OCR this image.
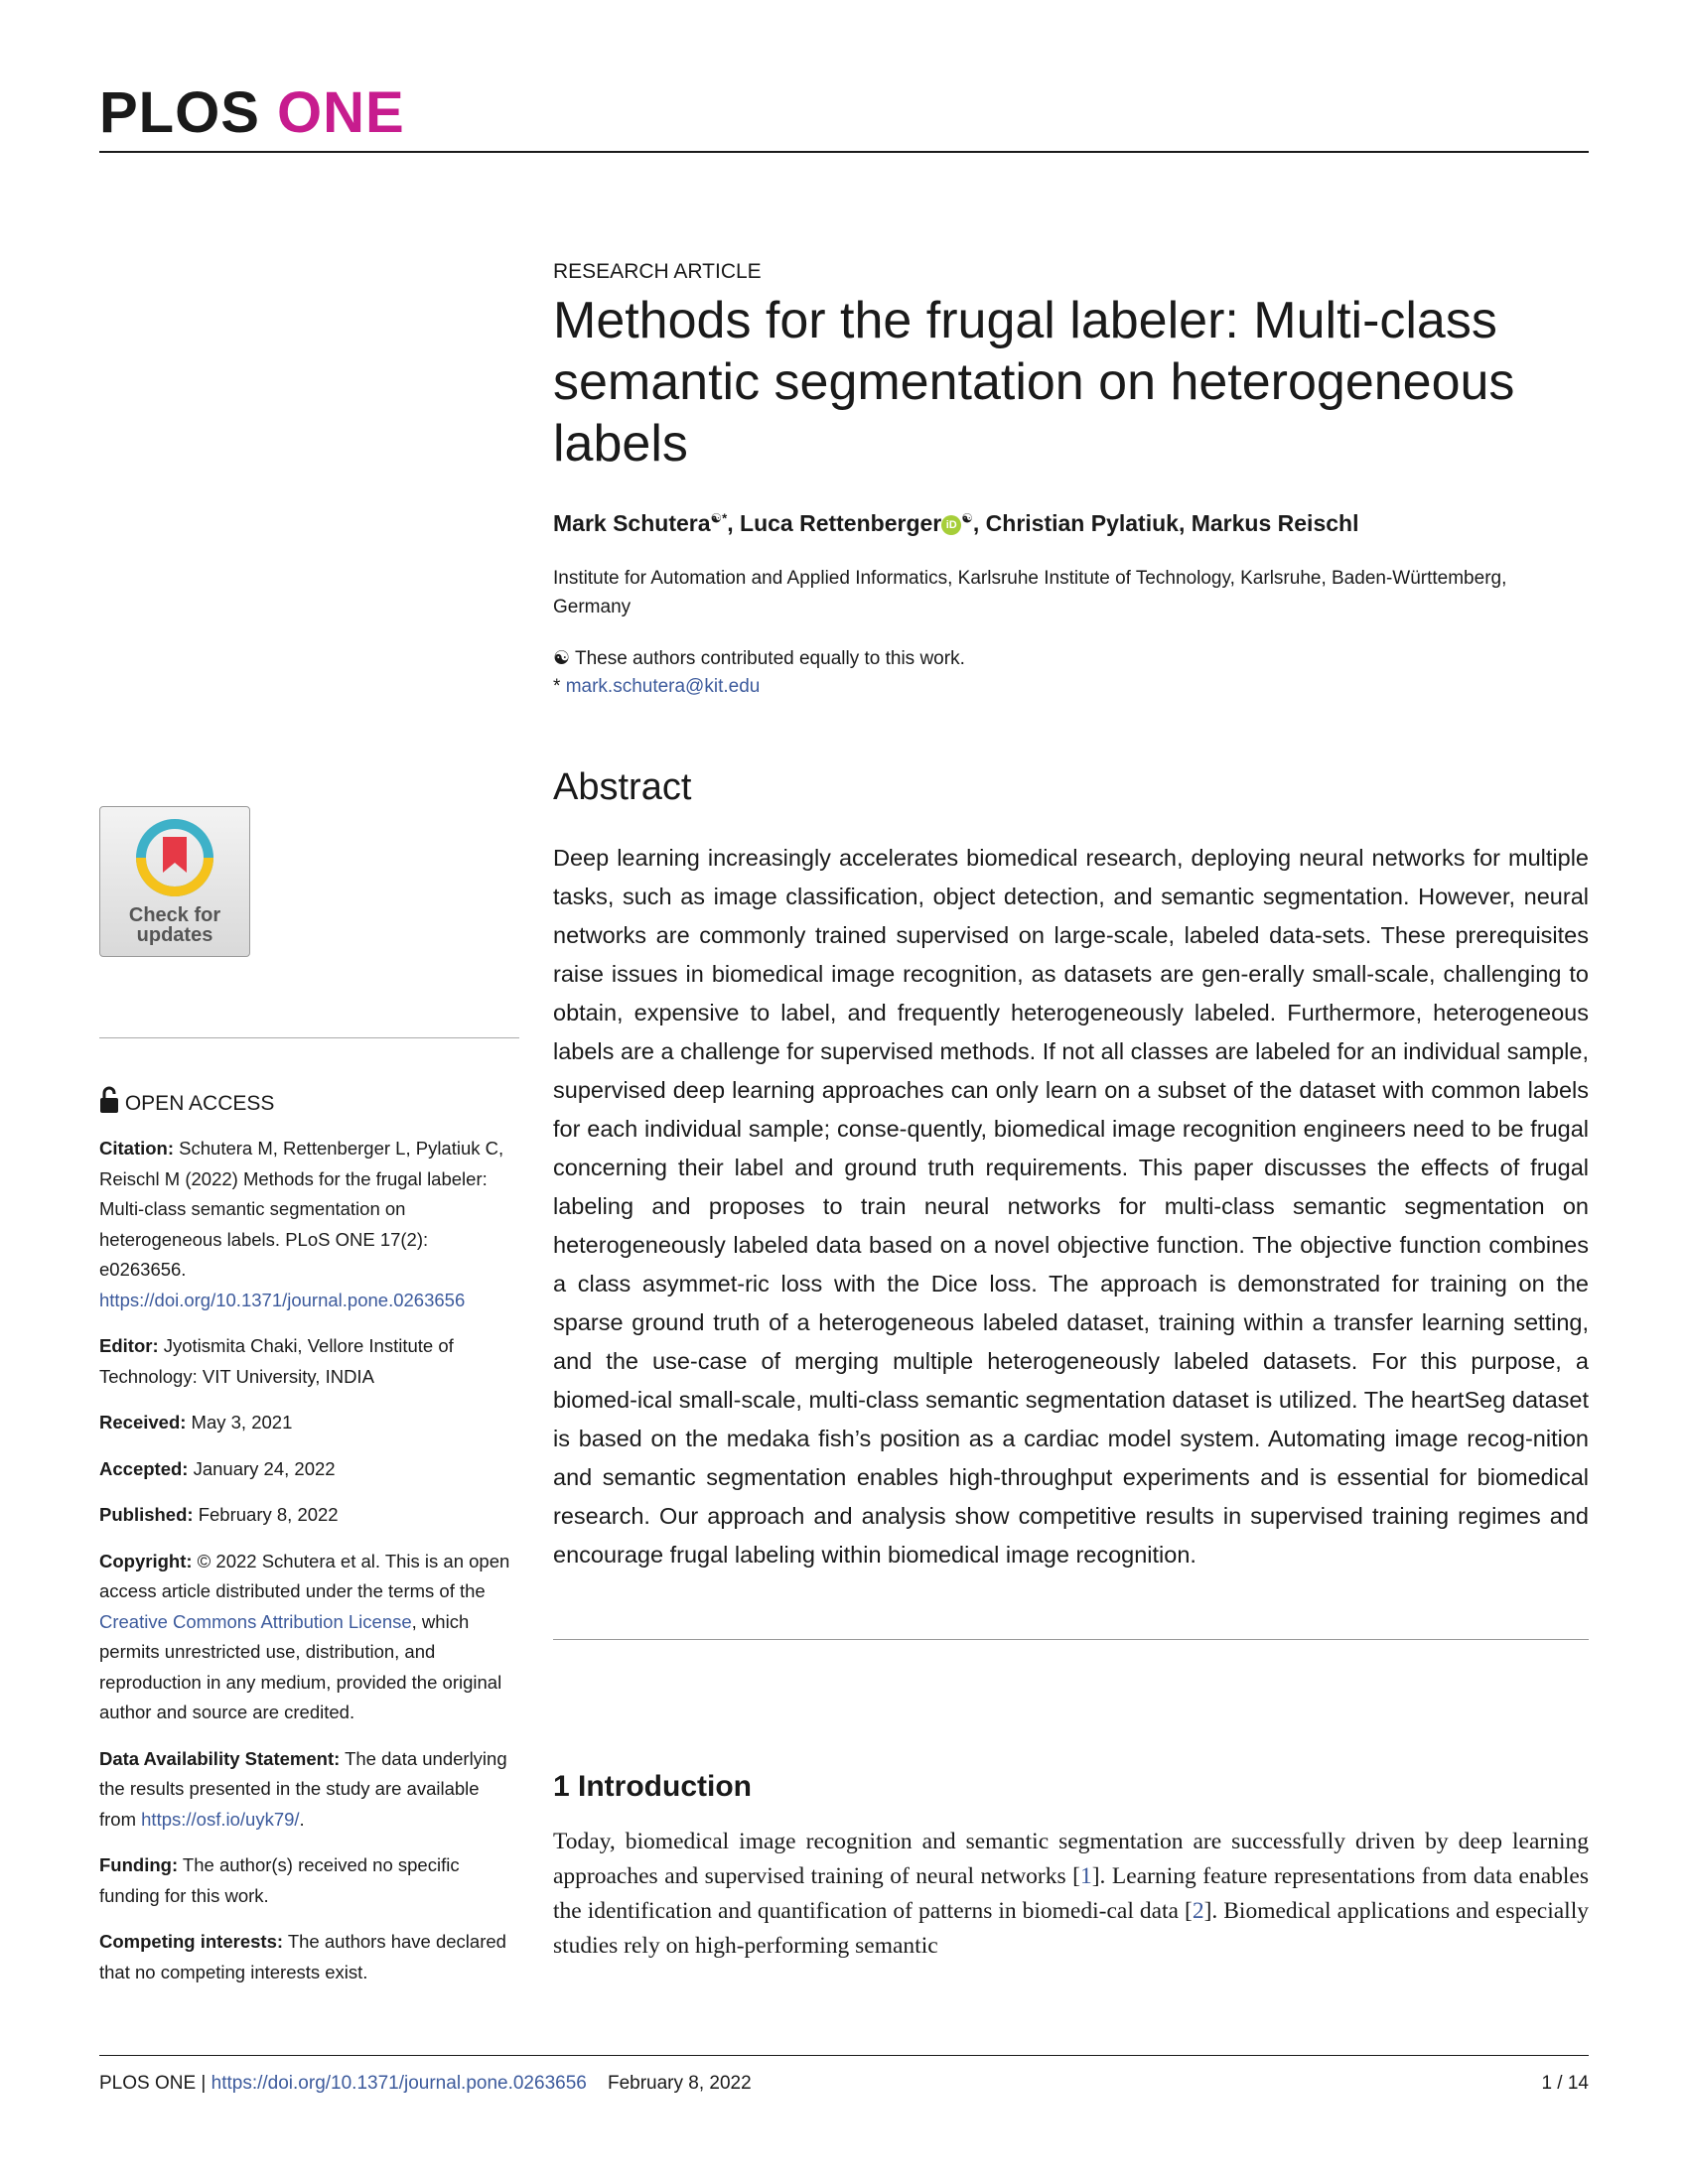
PLOS ONE
RESEARCH ARTICLE
Methods for the frugal labeler: Multi-class semantic segmentation on heterogeneous labels
Mark Schutera☯*, Luca Rettenberger iD ☯, Christian Pylatiuk, Markus Reischl
Institute for Automation and Applied Informatics, Karlsruhe Institute of Technology, Karlsruhe, Baden-Württemberg, Germany
☯ These authors contributed equally to this work.
* mark.schutera@kit.edu
Abstract

Deep learning increasingly accelerates biomedical research, deploying neural networks for multiple tasks, such as image classification, object detection, and semantic segmentation. However, neural networks are commonly trained supervised on large-scale, labeled data-sets. These prerequisites raise issues in biomedical image recognition, as datasets are gen-erally small-scale, challenging to obtain, expensive to label, and frequently heterogeneously labeled. Furthermore, heterogeneous labels are a challenge for supervised methods. If not all classes are labeled for an individual sample, supervised deep learning approaches can only learn on a subset of the dataset with common labels for each individual sample; conse-quently, biomedical image recognition engineers need to be frugal concerning their label and ground truth requirements. This paper discusses the effects of frugal labeling and proposes to train neural networks for multi-class semantic segmentation on heterogeneously labeled data based on a novel objective function. The objective function combines a class asymmet-ric loss with the Dice loss. The approach is demonstrated for training on the sparse ground truth of a heterogeneous labeled dataset, training within a transfer learning setting, and the use-case of merging multiple heterogeneously labeled datasets. For this purpose, a biomed-ical small-scale, multi-class semantic segmentation dataset is utilized. The heartSeg dataset is based on the medaka fish’s position as a cardiac model system. Automating image recog-nition and semantic segmentation enables high-throughput experiments and is essential for biomedical research. Our approach and analysis show competitive results in supervised training regimes and encourage frugal labeling within biomedical image recognition.

1 Introduction

Today, biomedical image recognition and semantic segmentation are successfully driven by deep learning approaches and supervised training of neural networks [1]. Learning feature representations from data enables the identification and quantification of patterns in biomedi-cal data [2]. Biomedical applications and especially studies rely on high-performing semantic

Check for
updates
OPEN ACCESS

Citation: Schutera M, Rettenberger L, Pylatiuk C, Reischl M (2022) Methods for the frugal labeler: Multi-class semantic segmentation on heterogeneous labels. PLoS ONE 17(2): e0263656. https://doi.org/10.1371/journal.pone.0263656

Editor: Jyotismita Chaki, Vellore Institute of Technology: VIT University, INDIA

Received: May 3, 2021

Accepted: January 24, 2022

Published: February 8, 2022

Copyright: © 2022 Schutera et al. This is an open access article distributed under the terms of the Creative Commons Attribution License, which permits unrestricted use, distribution, and reproduction in any medium, provided the original author and source are credited.

Data Availability Statement: The data underlying the results presented in the study are available from https://osf.io/uyk79/.

Funding: The author(s) received no specific funding for this work.

Competing interests: The authors have declared that no competing interests exist.

PLOS ONE | https://doi.org/10.1371/journal.pone.0263656 February 8, 2022	1 / 14
